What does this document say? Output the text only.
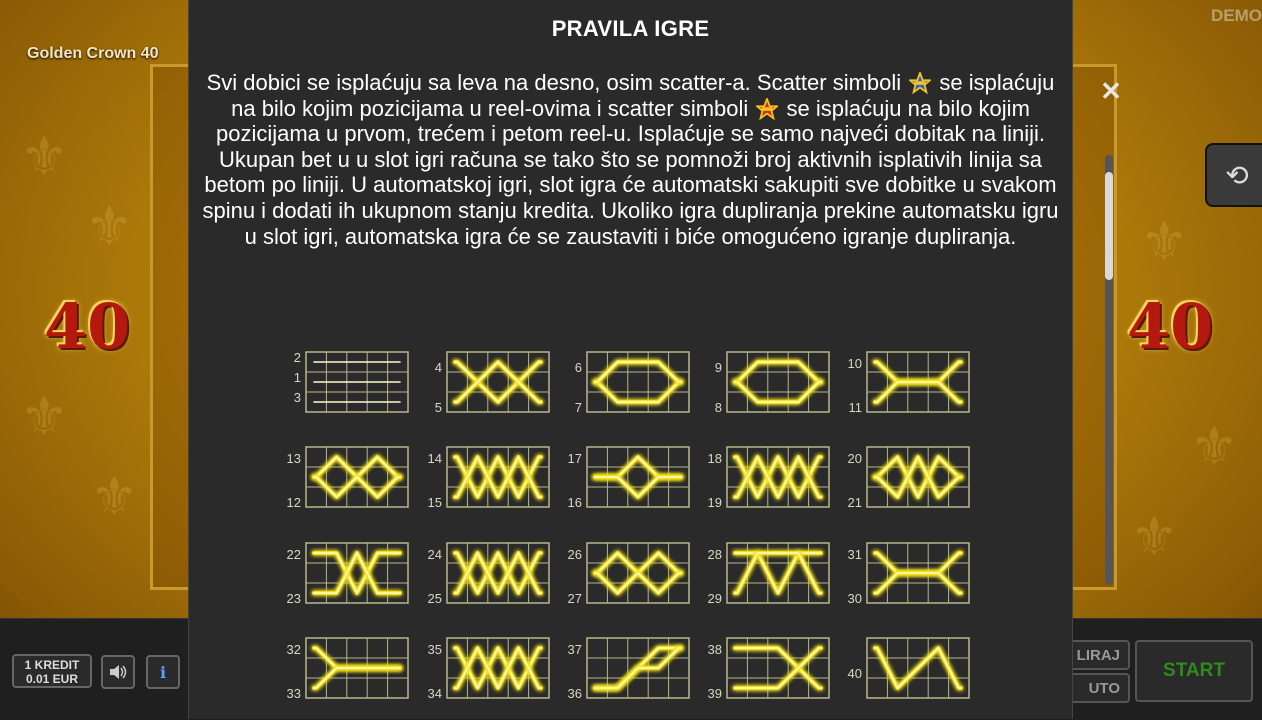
⚜
⚜
⚜
⚜
⚜
⚜
⚜
Golden Crown 40
DEMO
40	40
⟲
1 KREDIT
0.01 EUR	i
LIRAJ
UTO
START
PRAVILA IGRE
Svi dobici se isplaćuju sa leva na desno, osim scatter-a. Scatter simboli se isplaćuju na bilo kojim pozicijama u reel-ovima i scatter simboli se isplaćuju na bilo kojim pozicijama u prvom, trećem i petom reel-u. Isplaćuje se samo najveći dobitak na liniji. Ukupan bet u u slot igri računa se tako što se pomnoži broj aktivnih isplativih linija sa betom po liniji. U automatskoj igri, slot igra će automatski sakupiti sve dobitke u svakom spinu i dodati ih ukupnom stanju kredita. Ukoliko igra dupliranja prekine automatsku igru u slot igri, automatska igra će se zaustaviti i biće omogućeno igranje dupliranja.
2
1
3
4
5
6
7
9
8
10
11
13
12
14
15
17
16
18
19
20
21
22
23
24
25
26
27
28
29
31
30
32
33
35
34
37
36
38
39
40
✕
